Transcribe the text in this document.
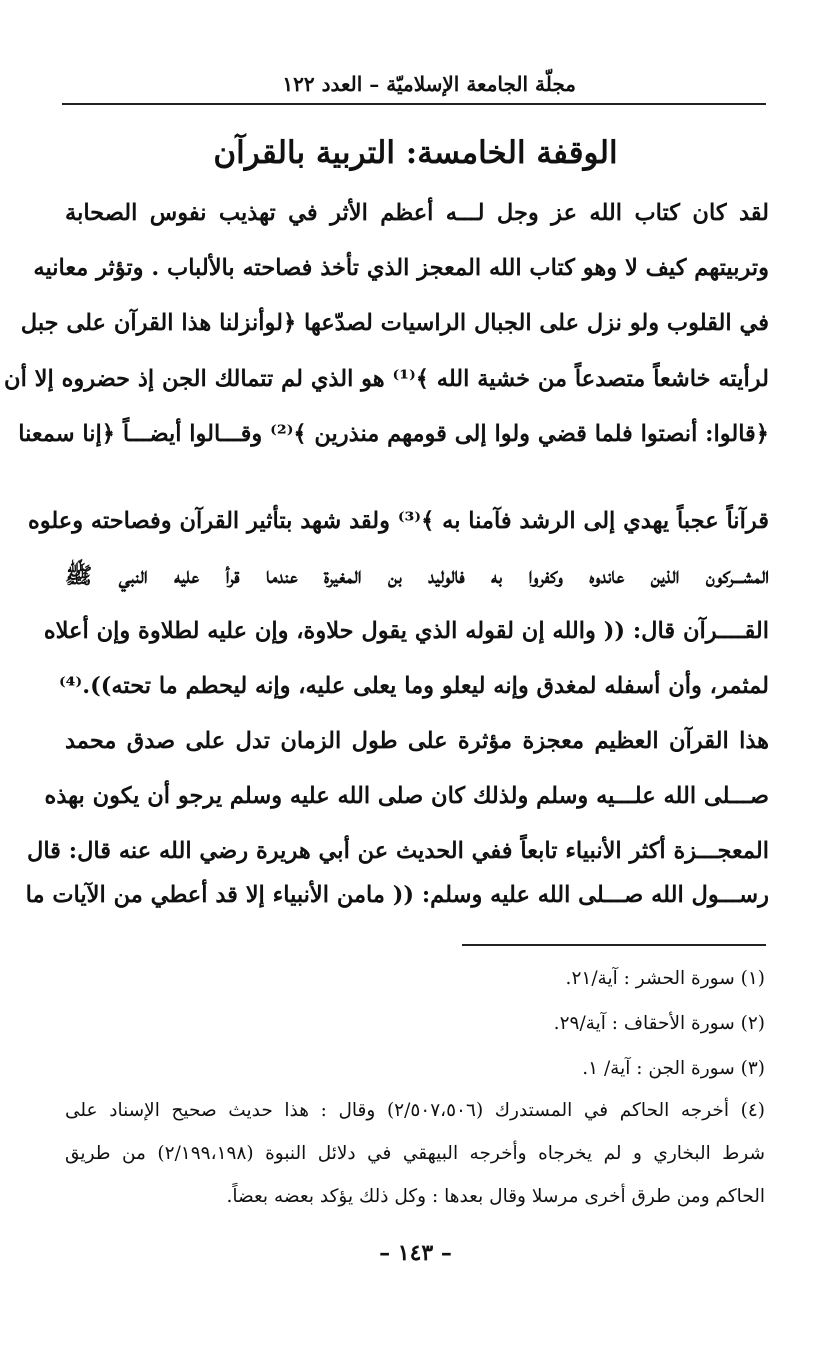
مجلّة الجامعة الإسلاميّة – العدد ١٢٢
الوقفة الخامسة: التربية بالقرآن
لقد كان كتاب الله عز وجل لـــه أعظم الأثر في تهذيب نفوس الصحابة
وتربيتهم كيف لا وهو كتاب الله المعجز الذي تأخذ فصاحته بالألباب . وتؤثر معانيه
في القلوب ولو نزل على الجبال الراسيات لصدّعها ﴿لوأنزلنا هذا القرآن على جبل
لرأيته خاشعاً متصدعاً من خشية الله ﴾⁽¹⁾ هو الذي لم تتمالك الجن إذ حضروه إلا أن
﴿قالوا: أنصتوا فلما قضي ولوا إلى قومهم منذرين ﴾⁽²⁾ وقـــالوا أيضـــاً ﴿إنا سمعنا
قرآناً عجباً يهدي إلى الرشد فآمنا به ﴾⁽³⁾ ولقد شهد بتأثير القرآن وفصاحته وعلوه
المشـــركون الذين عاندوه وكفروا به فالوليد بن المغيرة عندما قرأ عليه النبي ﷺ
القــــرآن قال: (( والله إن لقوله الذي يقول حلاوة، وإن عليه لطلاوة وإن أعلاه
لمثمر، وأن أسفله لمغدق وإنه ليعلو وما يعلى عليه، وإنه ليحطم ما تحته)).⁽⁴⁾
هذا القرآن العظيم معجزة مؤثرة على طول الزمان تدل على صدق محمد
صـــلى الله علـــيه وسلم ولذلك كان صلى الله عليه وسلم يرجو أن يكون بهذه
المعجـــزة أكثر الأنبياء تابعاً ففي الحديث عن أبي هريرة رضي الله عنه قال: قال
رســـول الله صـــلى الله عليه وسلم: (( مامن الأنبياء إلا قد أعطي من الآيات ما
(١) سورة الحشر : آية/٢١.
(٢) سورة الأحقاف : آية/٢٩.
(٣) سورة الجن : آية/ ١.
(٤) أخرجه الحاكم في المستدرك (٢/٥٠٧،٥٠٦) وقال : هذا حديث صحيح الإسناد على
شرط البخاري و لم يخرجاه وأخرجه البيهقي في دلائل النبوة (٢/١٩٩،١٩٨) من طريق
الحاكم ومن طرق أخرى مرسلا وقال بعدها : وكل ذلك يؤكد بعضه بعضاً.
– ١٤٣ –
